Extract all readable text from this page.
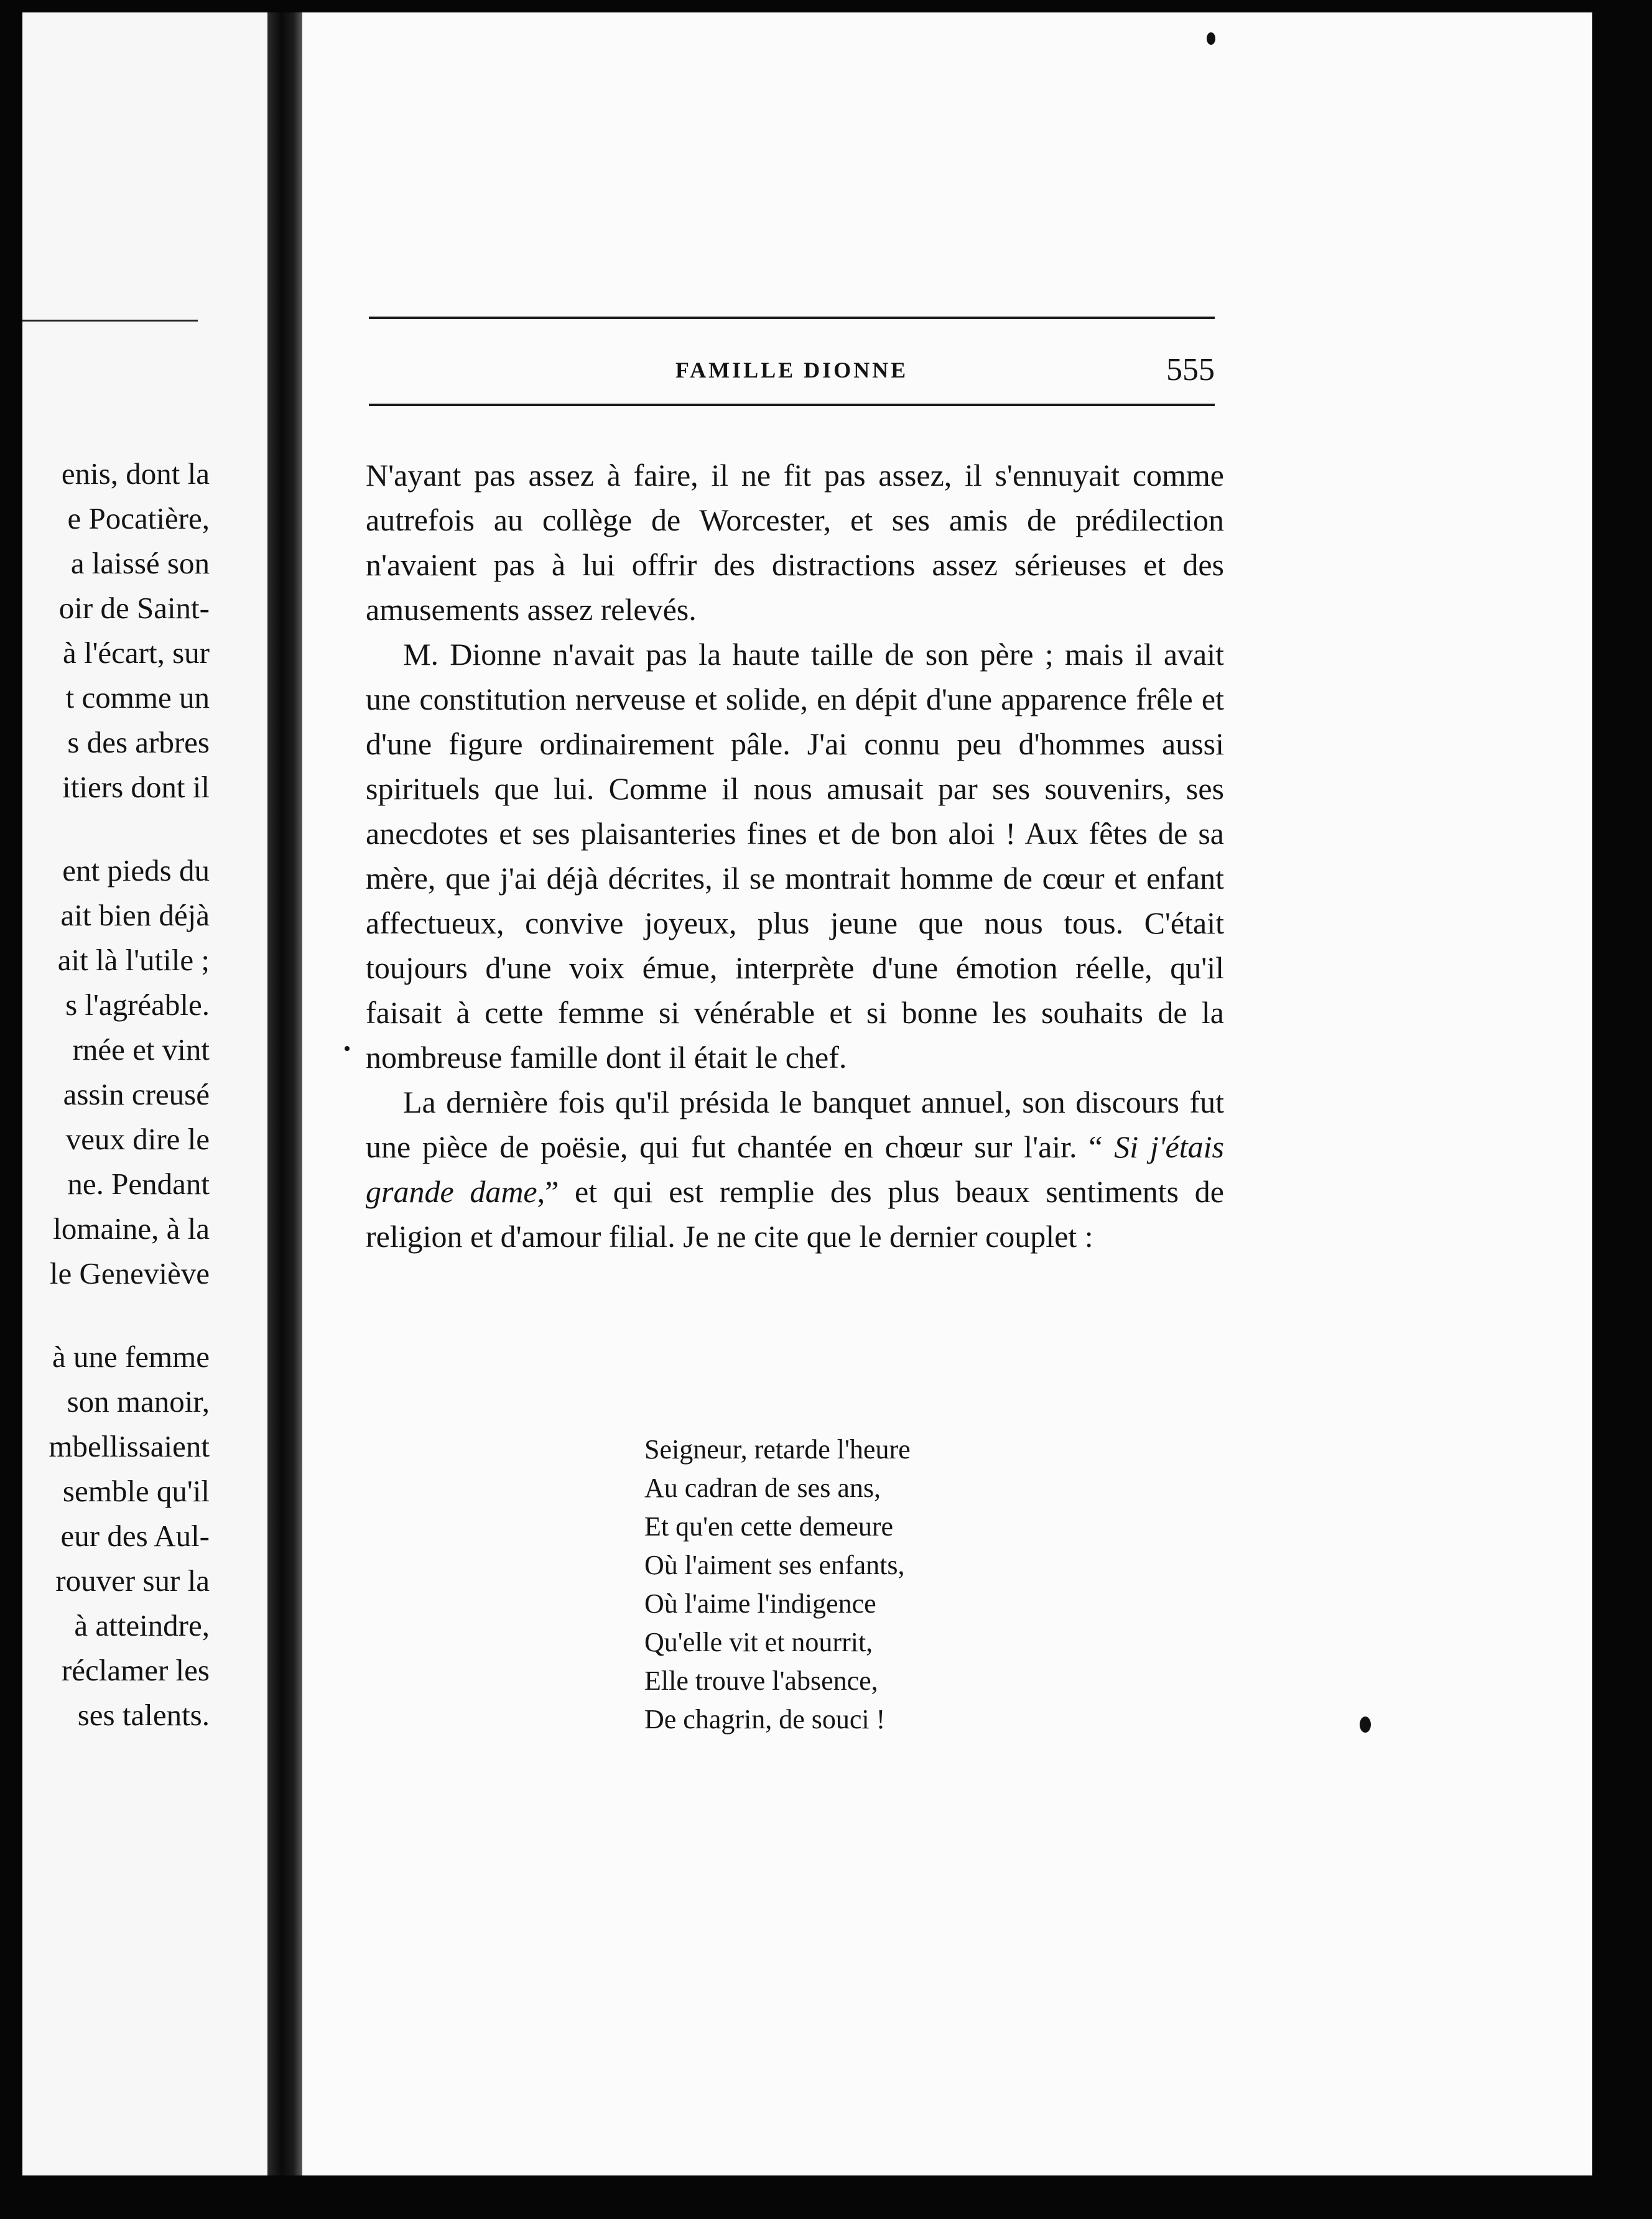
enis, dont la
e Pocatière,
a laissé son
oir de Saint-
à l'écart, sur
t comme un
s des arbres
itiers dont il
ent pieds du
ait bien déjà
ait là l'utile ;
s l'agréable.
rnée et vint
assin creusé
veux dire le
ne. Pendant
lomaine, à la
le Geneviève
à une femme
son manoir,
mbellissaient
semble qu'il
eur des Aul-
rouver sur la
à atteindre,
réclamer les
ses talents.
FAMILLE DIONNE	555

N'ayant pas assez à faire, il ne fit pas assez, il s'ennuyait comme autrefois au collège de Worcester, et ses amis de prédilection n'avaient pas à lui offrir des distractions assez sérieuses et des amusements assez relevés.

M. Dionne n'avait pas la haute taille de son père ; mais il avait une constitution nerveuse et solide, en dépit d'une apparence frêle et d'une figure ordinairement pâle. J'ai connu peu d'hommes aussi spirituels que lui. Comme il nous amusait par ses souvenirs, ses anecdotes et ses plaisanteries fines et de bon aloi ! Aux fêtes de sa mère, que j'ai déjà décrites, il se montrait homme de cœur et enfant affectueux, convive joyeux, plus jeune que nous tous. C'était toujours d'une voix émue, interprète d'une émotion réelle, qu'il faisait à cette femme si vénérable et si bonne les souhaits de la nombreuse famille dont il était le chef.

La dernière fois qu'il présida le banquet annuel, son discours fut une pièce de poësie, qui fut chantée en chœur sur l'air. “ Si j'étais grande dame,” et qui est remplie des plus beaux sentiments de religion et d'amour filial. Je ne cite que le dernier couplet :

Seigneur, retarde l'heure
Au cadran de ses ans,
Et qu'en cette demeure
Où l'aiment ses enfants,
Où l'aime l'indigence
Qu'elle vit et nourrit,
Elle trouve l'absence,
De chagrin, de souci !
